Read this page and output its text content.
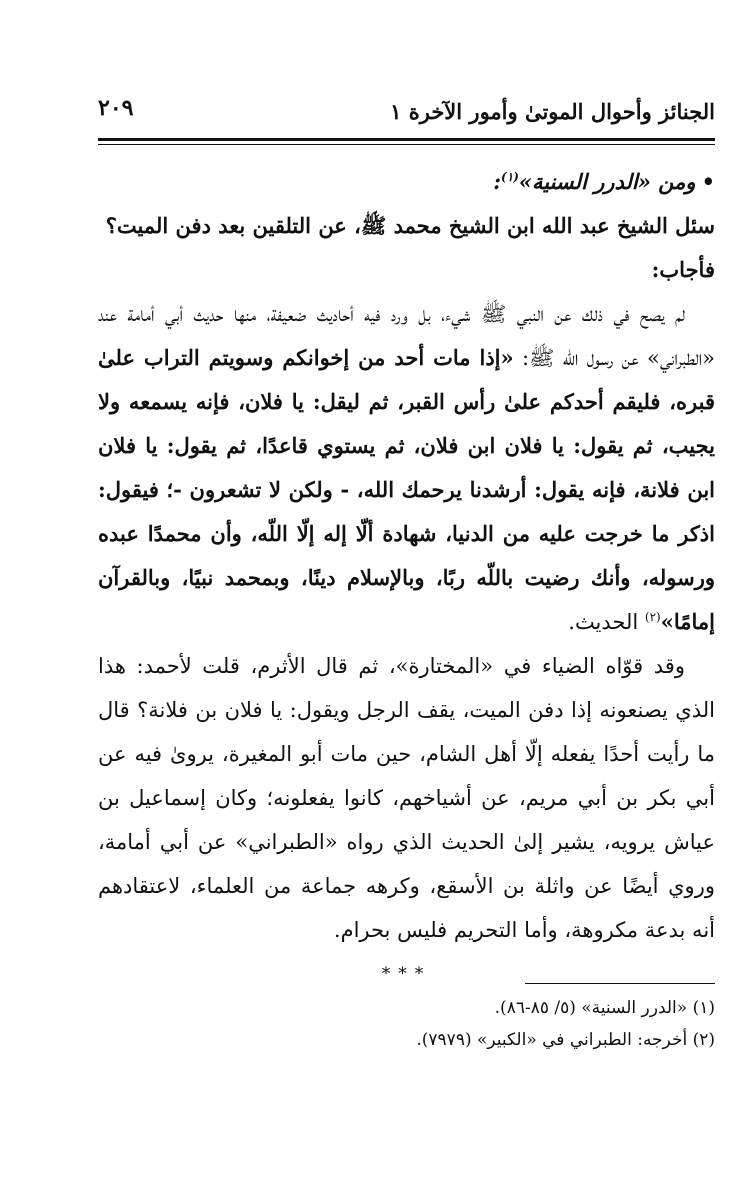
الجنائز وأحوال الموتىٰ وأمور الآخرة ١
٢٠٩

•ومن «الدرر السنية»$^{(١)}$:

سئل الشيخ عبد الله ابن الشيخ محمد ﷺ، عن التلقين بعد دفن الميت؟

فأجاب:

لم يصح في ذلك عن النبي ﷺ شيء، بل ورد فيه أحاديث ضعيفة، منها حديث أبي أمامة عند «الطبراني» عن رسول الله ﷺ: «إذا مات أحد من إخوانكم وسويتم التراب علىٰ قبره، فليقم أحدكم علىٰ رأس القبر، ثم ليقل: يا فلان، فإنه يسمعه ولا يجيب، ثم يقول: يا فلان ابن فلان، ثم يستوي قاعدًا، ثم يقول: يا فلان ابن فلانة، فإنه يقول: أرشدنا يرحمك الله، - ولكن لا تشعرون -؛ فيقول: اذكر ما خرجت عليه من الدنيا، شهادة ألّا إله إلّا اللّه، وأن محمدًا عبده ورسوله، وأنك رضيت باللّه ربًا، وبالإسلام دينًا، وبمحمد نبيًا، وبالقرآن إمامًا»$^{(٢)}$ الحديث.

وقد قوّاه الضياء في «المختارة»، ثم قال الأثرم، قلت لأحمد: هذا الذي يصنعونه إذا دفن الميت، يقف الرجل ويقول: يا فلان بن فلانة؟ قال ما رأيت أحدًا يفعله إلّا أهل الشام، حين مات أبو المغيرة، يروىٰ فيه عن أبي بكر بن أبي مريم، عن أشياخهم، كانوا يفعلونه؛ وكان إسماعيل بن عياش يرويه، يشير إلىٰ الحديث الذي رواه «الطبراني» عن أبي أمامة، وروي أيضًا عن واثلة بن الأسقع، وكرهه جماعة من العلماء، لاعتقادهم أنه بدعة مكروهة، وأما التحريم فليس بحرام.

***

(١) «الدرر السنية» (٥/ ٨٥-٨٦).

(٢) أخرجه: الطبراني في «الكبير» (٧٩٧٩).
